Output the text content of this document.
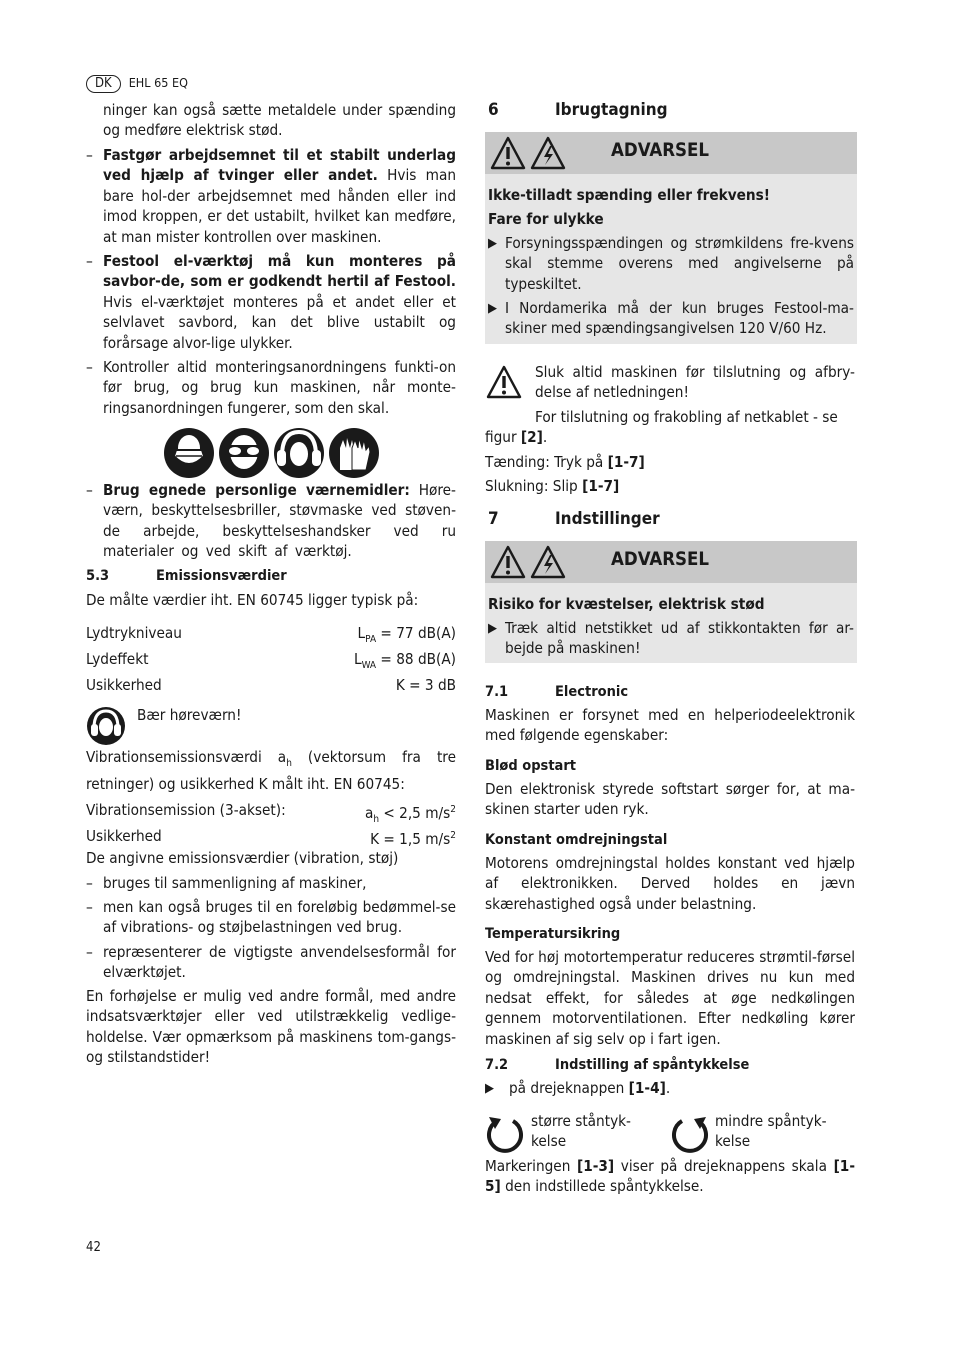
DK EHL 65 EQ
ninger kan også sætte metaldele under spænding og medføre elektrisk stød.
– Fastgør arbejdsemnet til et stabilt underlag ved hjælp af tvinger eller andet. Hvis man bare hol-der arbejdsemnet med hånden eller ind imod kroppen, er det ustabilt, hvilket kan medføre, at man mister kontrollen over maskinen.
– Festool el-værktøj må kun monteres på savbor-de, som er godkendt hertil af Festool. Hvis el-værktøjet monteres på et andet eller et selvlavet savbord, kan det blive ustabilt og forårsage alvor-lige ulykker.
– Kontroller altid monteringsanordningens funkti-on før brug, og brug kun maskinen, når monte-ringsanordningen fungerer, som den skal.
– Brug egnede personlige værnemidler: Høre-værn, beskyttelsesbriller, støvmaske ved støven-de arbejde, beskyttelseshandsker ved ru materialer og ved skift af værktøj.
5.3	Emissionsværdier
De målte værdier iht. EN 60745 ligger typisk på:
Lydtrykniveau	$L_{PA} = 77$ dB(A)
Lydeffekt	$L_{WA} = 88$ dB(A)
Usikkerhed	K = 3 dB
Bær høreværn!
Vibrationsemissionsværdi $a_h$ (vektorsum fra tre retninger) og usikkerhed K målt iht. EN 60745:
Vibrationsemission (3-akset):	$a_h < 2,5$ $m/s^2$
Usikkerhed	K = 1,5 $m/s^2$
De angivne emissionsværdier (vibration, støj)
– bruges til sammenligning af maskiner,
– men kan også bruges til en foreløbig bedømmel-se af vibrations- og støjbelastningen ved brug.
– repræsenterer de vigtigste anvendelsesformål for elværktøjet.
En forhøjelse er mulig ved andre formål, med andre indsatsværktøjer eller ved utilstrækkelig vedlige-holdelse. Vær opmærksom på maskinens tom-gangs- og stilstandstider!
6	Ibrugtagning
ADVARSEL
Ikke-tilladt spænding eller frekvens!
Fare for ulykke
▶ Forsyningsspændingen og strømkildens fre-kvens skal stemme overens med angivelserne på typeskiltet.
▶ I Nordamerika må der kun bruges Festool-ma-skiner med spændingsangivelsen 120 V/60 Hz.
Sluk altid maskinen før tilslutning og afbry-delse af netledningen!
For tilslutning og frakobling af netkablet - se
figur [2].
Tænding: Tryk på [1-7]
Slukning: Slip [1-7]
7	Indstillinger
ADVARSEL
Risiko for kvæstelser, elektrisk stød
▶ Træk altid netstikket ud af stikkontakten før ar-bejde på maskinen!
7.1	Electronic
Maskinen er forsynet med en helperiodeelektronik med følgende egenskaber:
Blød opstart
Den elektronisk styrede softstart sørger for, at ma-skinen starter uden ryk.
Konstant omdrejningstal
Motorens omdrejningstal holdes konstant ved hjælp af elektronikken. Derved holdes en jævn skærehastighed også under belastning.
Temperatursikring
Ved for høj motortemperatur reduceres strømtil-førsel og omdrejningstal. Maskinen drives nu kun med nedsat effekt, for således at øge nedkølingen gennem motorventilationen. Efter nedkøling kører maskinen af sig selv op i fart igen.
7.2	Indstilling af spåntykkelse
▶ på drejeknappen [1-4].
større ståntyk-
kelse
mindre spåntyk-
kelse
Markeringen [1-3] viser på drejeknappens skala [1-5] den indstillede spåntykkelse.
42
